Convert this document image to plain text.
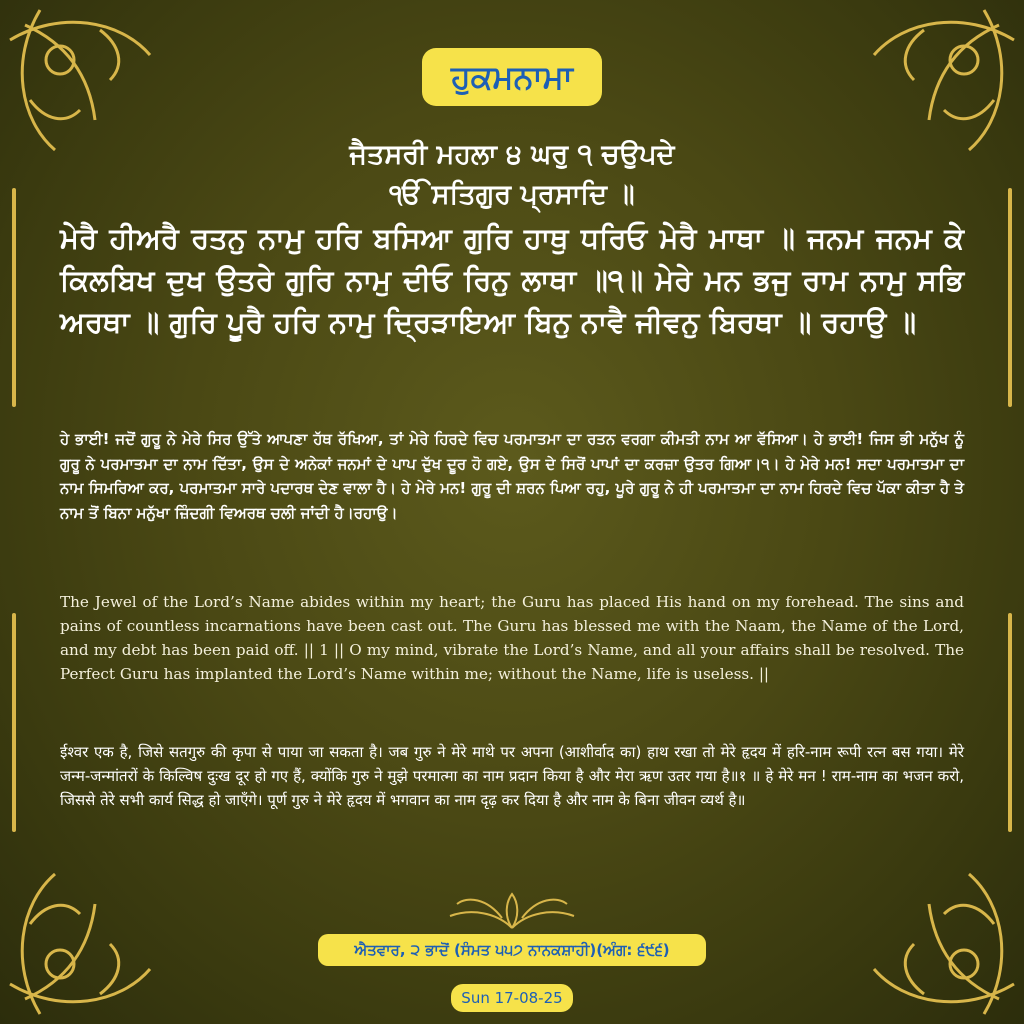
ਹੁਕਮਨਾਮਾ
ਜੈਤਸਰੀ ਮਹਲਾ ੪ ਘਰੁ ੧ ਚਉਪਦੇ
ੴ ਸਤਿਗੁਰ ਪ੍ਰਸਾਦਿ ॥
ਮੇਰੈ ਹੀਅਰੈ ਰਤਨੁ ਨਾਮੁ ਹਰਿ ਬਸਿਆ ਗੁਰਿ ਹਾਥੁ ਧਰਿਓ ਮੇਰੈ ਮਾਥਾ ॥ ਜਨਮ ਜਨਮ ਕੇ ਕਿਲਬਿਖ ਦੁਖ ਉਤਰੇ ਗੁਰਿ ਨਾਮੁ ਦੀਓ ਰਿਨੁ ਲਾਥਾ ॥੧॥ ਮੇਰੇ ਮਨ ਭਜੁ ਰਾਮ ਨਾਮੁ ਸਭਿ ਅਰਥਾ ॥ ਗੁਰਿ ਪੂਰੈ ਹਰਿ ਨਾਮੁ ਦ੍ਰਿੜਾਇਆ ਬਿਨੁ ਨਾਵੈ ਜੀਵਨੁ ਬਿਰਥਾ ॥ ਰਹਾਉ ॥
ਹੇ ਭਾਈ! ਜਦੋਂ ਗੁਰੂ ਨੇ ਮੇਰੇ ਸਿਰ ਉੱਤੇ ਆਪਣਾ ਹੱਥ ਰੱਖਿਆ, ਤਾਂ ਮੇਰੇ ਹਿਰਦੇ ਵਿਚ ਪਰਮਾਤਮਾ ਦਾ ਰਤਨ ਵਰਗਾ ਕੀਮਤੀ ਨਾਮ ਆ ਵੱਸਿਆ। ਹੇ ਭਾਈ! ਜਿਸ ਭੀ ਮਨੁੱਖ ਨੂੰ ਗੁਰੂ ਨੇ ਪਰਮਾਤਮਾ ਦਾ ਨਾਮ ਦਿੱਤਾ, ਉਸ ਦੇ ਅਨੇਕਾਂ ਜਨਮਾਂ ਦੇ ਪਾਪ ਦੁੱਖ ਦੂਰ ਹੋ ਗਏ, ਉਸ ਦੇ ਸਿਰੋਂ ਪਾਪਾਂ ਦਾ ਕਰਜ਼ਾ ਉਤਰ ਗਿਆ।੧। ਹੇ ਮੇਰੇ ਮਨ! ਸਦਾ ਪਰਮਾਤਮਾ ਦਾ ਨਾਮ ਸਿਮਰਿਆ ਕਰ, ਪਰਮਾਤਮਾ ਸਾਰੇ ਪਦਾਰਥ ਦੇਣ ਵਾਲਾ ਹੈ। ਹੇ ਮੇਰੇ ਮਨ! ਗੁਰੂ ਦੀ ਸ਼ਰਨ ਪਿਆ ਰਹੁ, ਪੂਰੇ ਗੁਰੂ ਨੇ ਹੀ ਪਰਮਾਤਮਾ ਦਾ ਨਾਮ ਹਿਰਦੇ ਵਿਚ ਪੱਕਾ ਕੀਤਾ ਹੈ ਤੇ ਨਾਮ ਤੋਂ ਬਿਨਾ ਮਨੁੱਖਾ ਜ਼ਿੰਦਗੀ ਵਿਅਰਥ ਚਲੀ ਜਾਂਦੀ ਹੈ।ਰਹਾਉ।
The Jewel of the Lord’s Name abides within my heart; the Guru has placed His hand on my forehead. The sins and pains of countless incarnations have been cast out. The Guru has blessed me with the Naam, the Name of the Lord, and my debt has been paid off. || 1 || O my mind, vibrate the Lord’s Name, and all your affairs shall be resolved. The Perfect Guru has implanted the Lord’s Name within me; without the Name, life is useless. ||
ईश्वर एक है, जिसे सतगुरु की कृपा से पाया जा सकता है। जब गुरु ने मेरे माथे पर अपना (आशीर्वाद का) हाथ रखा तो मेरे हृदय में हरि-नाम रूपी रत्न बस गया। मेरे जन्म-जन्मांतरों के किल्विष दुःख दूर हो गए हैं, क्योंकि गुरु ने मुझे परमात्मा का नाम प्रदान किया है और मेरा ऋण उतर गया है॥१ ॥ हे मेरे मन ! राम-नाम का भजन करो, जिससे तेरे सभी कार्य सिद्ध हो जाएँगे। पूर्ण गुरु ने मेरे हृदय में भगवान का नाम दृढ़ कर दिया है और नाम के बिना जीवन व्यर्थ है॥
ਐਤਵਾਰ, ੨ ਭਾਦੋਂ (ਸੰਮਤ ੫੫੭ ਨਾਨਕਸ਼ਾਹੀ)(ਅੰਗ: ੬੯੬)
Sun 17-08-25
